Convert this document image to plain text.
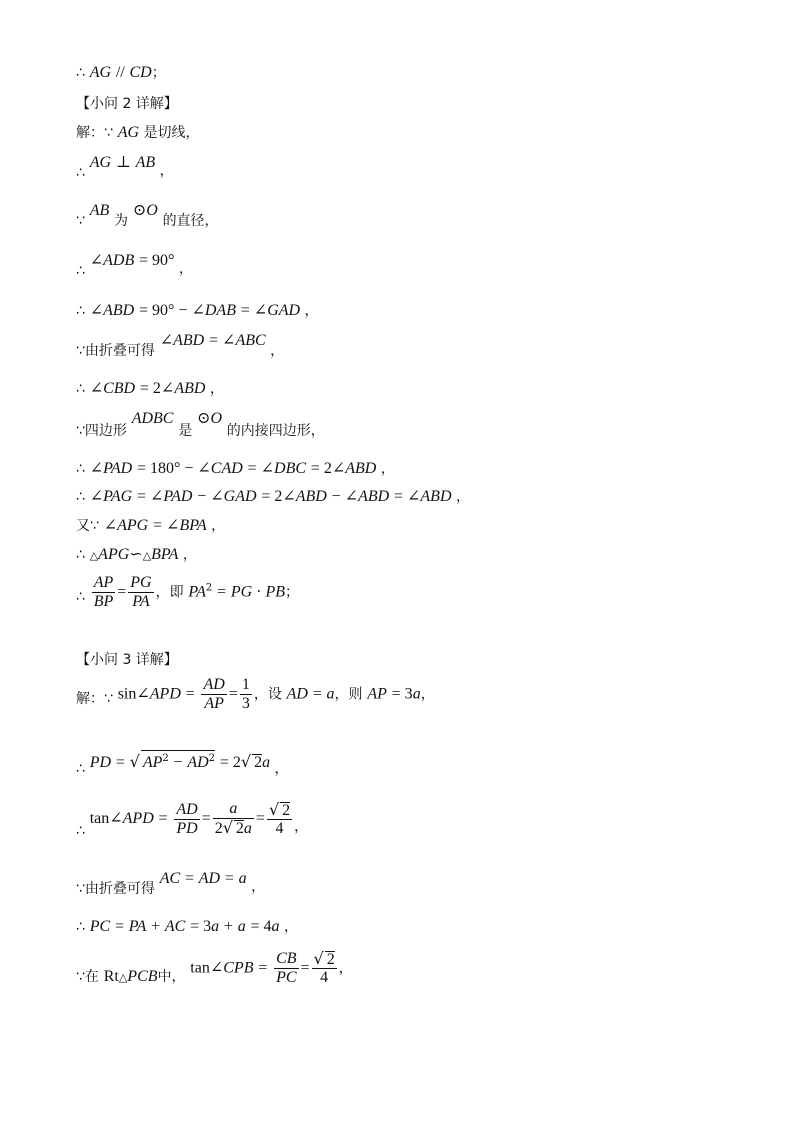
∴ AG // CD；
【小问 2 详解】
解：∵ AG 是切线，
∴ AG ⊥ AB ，
∵ AB 为 ⊙O 的直径，
∴ ∠ADB = 90° ，
∴ ∠ABD = 90° − ∠DAB = ∠GAD ，
∵由折叠可得 ∠ABD = ∠ABC ，
∴ ∠CBD = 2∠ABD ，
∵四边形 ADBC 是 ⊙O 的内接四边形，
∴ ∠PAD = 180° − ∠CAD = ∠DBC = 2∠ABD ，
∴ ∠PAG = ∠PAD − ∠GAD = 2∠ABD − ∠ABD = ∠ABD ，
又∵ ∠APG = ∠BPA ，
∴ △APG∽△BPA ，
∴ $\frac{AP}{BP} = \frac{PG}{PA}$ ，即 $PA^2$ = PG · PB；
【小问 3 详解】
解：∵ sin∠APD = $\frac{AD}{AP} = \frac{1}{3}$ ，设 AD = a，则 AP = 3a，
∴ PD = √ $AP^2 - AD^2 = 2√$ 2a ，
∴ tan∠APD = $\frac{AD}{PD} = \frac{a}{2√ 2a} = \frac{√ 2}{4}$ ，
∵由折叠可得 AC = AD = a ，
∴ PC = PA + AC = 3a + a = 4a ，
∵在 $Rt_\triangle PCB$中， tan∠CPB = $\frac{CB}{PC} = \frac{√ 2}{4}$ ，
